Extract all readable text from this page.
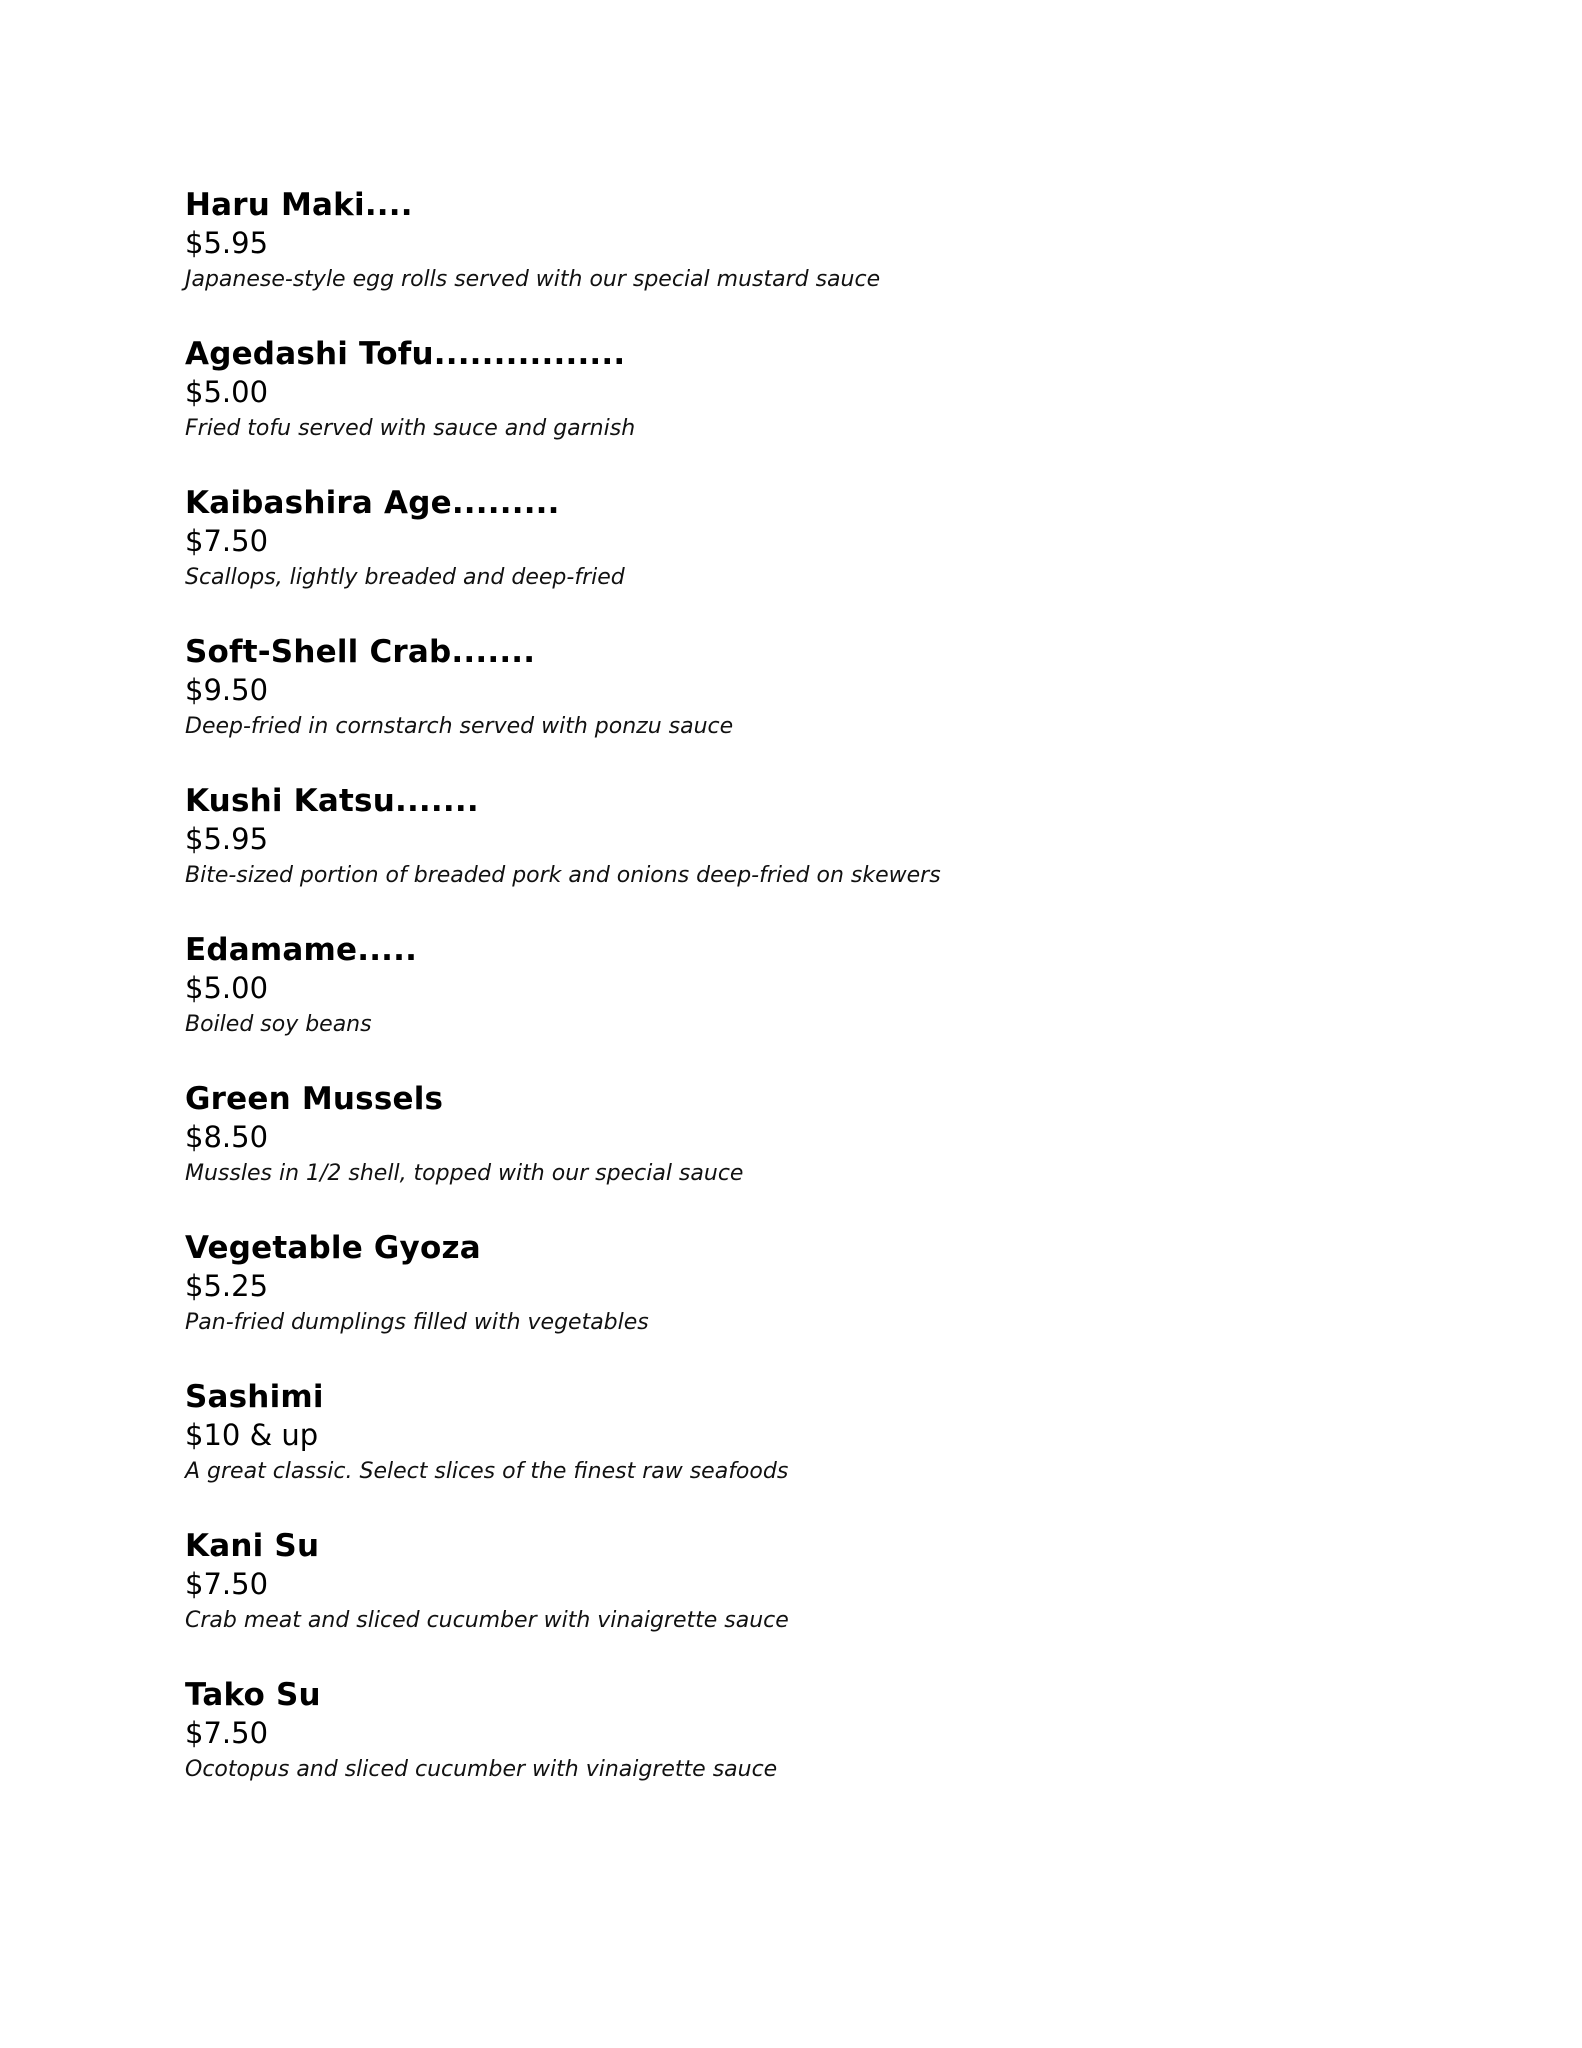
Haru Maki....
$5.95
Japanese-style egg rolls served with our special mustard sauce
Agedashi Tofu................
$5.00
Fried tofu served with sauce and garnish
Kaibashira Age.........
$7.50
Scallops, lightly breaded and deep-fried
Soft-Shell Crab.......
$9.50
Deep-fried in cornstarch served with ponzu sauce
Kushi Katsu.......
$5.95
Bite-sized portion of breaded pork and onions deep-fried on skewers
Edamame.....
$5.00
Boiled soy beans
Green Mussels
$8.50
Mussles in 1/2 shell, topped with our special sauce
Vegetable Gyoza
$5.25
Pan-fried dumplings filled with vegetables
Sashimi
$10 & up
A great classic. Select slices of the finest raw seafoods
Kani Su
$7.50
Crab meat and sliced cucumber with vinaigrette sauce
Tako Su
$7.50
Ocotopus and sliced cucumber with vinaigrette sauce
